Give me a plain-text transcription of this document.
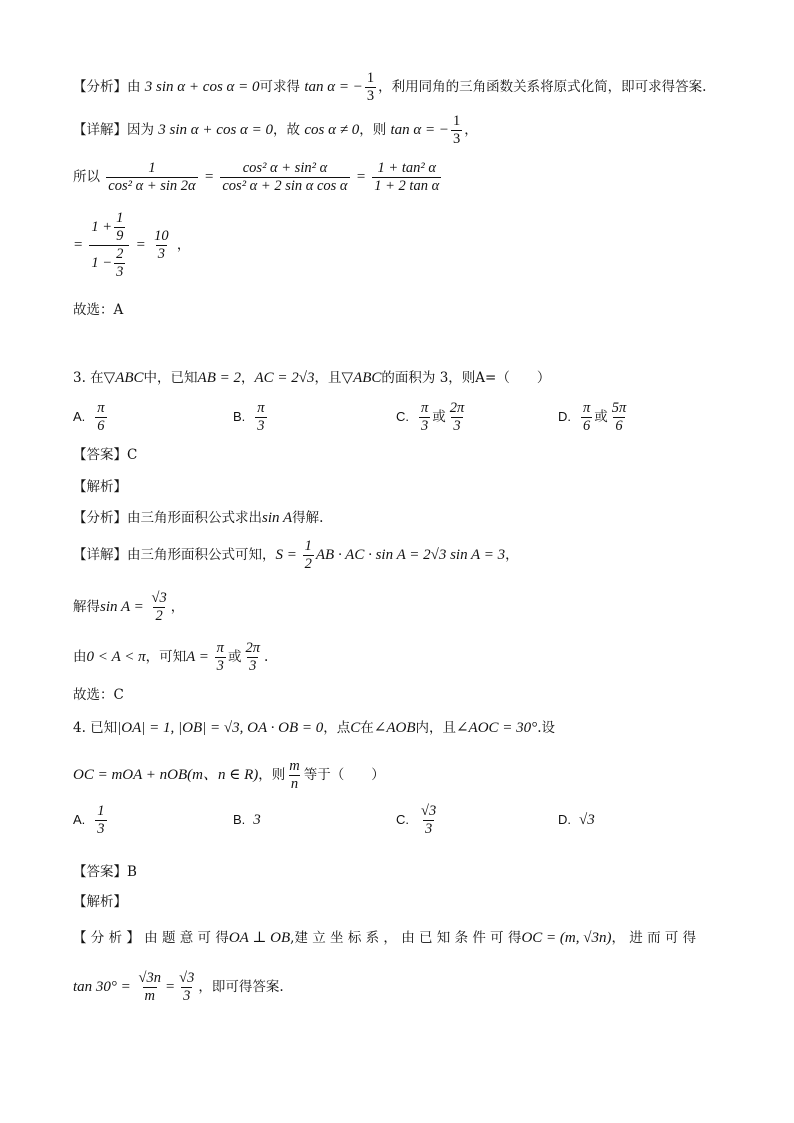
【分析】由 3 sin α + cos α = 0可求得 tan α = − $\frac{1}{3}$ ，利用同角的三角函数关系将原式化简，即可求得答案.
【详解】因为 3 sin α + cos α = 0，故 cos α ≠ 0，则 tan α = − $\frac{1}{3}$ ，
所以 $\frac{1}{\text{cos² α + sin 2α}} = \frac{\text{cos² α + sin² α}}{\text{cos² α + 2 sin α cos α}} = \frac{\text{1 + tan² α}}{\text{1 + 2 tan α}}$
= $\frac{1 + \frac{1}{9}}{1 - \frac{2}{3}} = \frac{10}{3}$ ，
故选：A
3. 在▽ABC中，已知AB = 2，AC = 2√3，且▽ABC的面积为 3，则A=（　　）
A. $\frac{\pi}{6}$	B. $\frac{\pi}{3}$	C. $\frac{\pi}{3}$ 或 $\frac{2\pi}{3}$	D. $\frac{\pi}{6}$ 或 $\frac{5\pi}{6}$
【答案】C
【解析】
【分析】由三角形面积公式求出sin A得解.
【详解】由三角形面积公式可知，$S = \frac{1}{2}$ AB · AC · sin A = 2√3 sin A = 3，
解得$\sin A = \frac{√3}{2}$ ，
由0 < A < π，可知$A = \frac{\pi}{3}$ 或 $\frac{2\pi}{3}$ .
故选：C
4. 已知|OA| = 1, |OB| = √3, OA · OB = 0，点C在∠AOB内，且∠AOC = 30°.设
OC = mOA + nOB(m、n ∈ R)，则 $\frac{m}{n}$ 等于（　　）
A. $\frac{1}{3}$	B. 3	C. $\frac{√3}{3}$	D. √3
【答案】B
【解析】
【 分 析 】 由 题 意 可 得OA ⊥ OB,建 立 坐 标 系 ， 由 已 知 条 件 可 得OC = (m, √3n)， 进 而 可 得
$\tan 30^\circ = \frac{√3n}{m} = \frac{√3}{3}$ ，即可得答案.
